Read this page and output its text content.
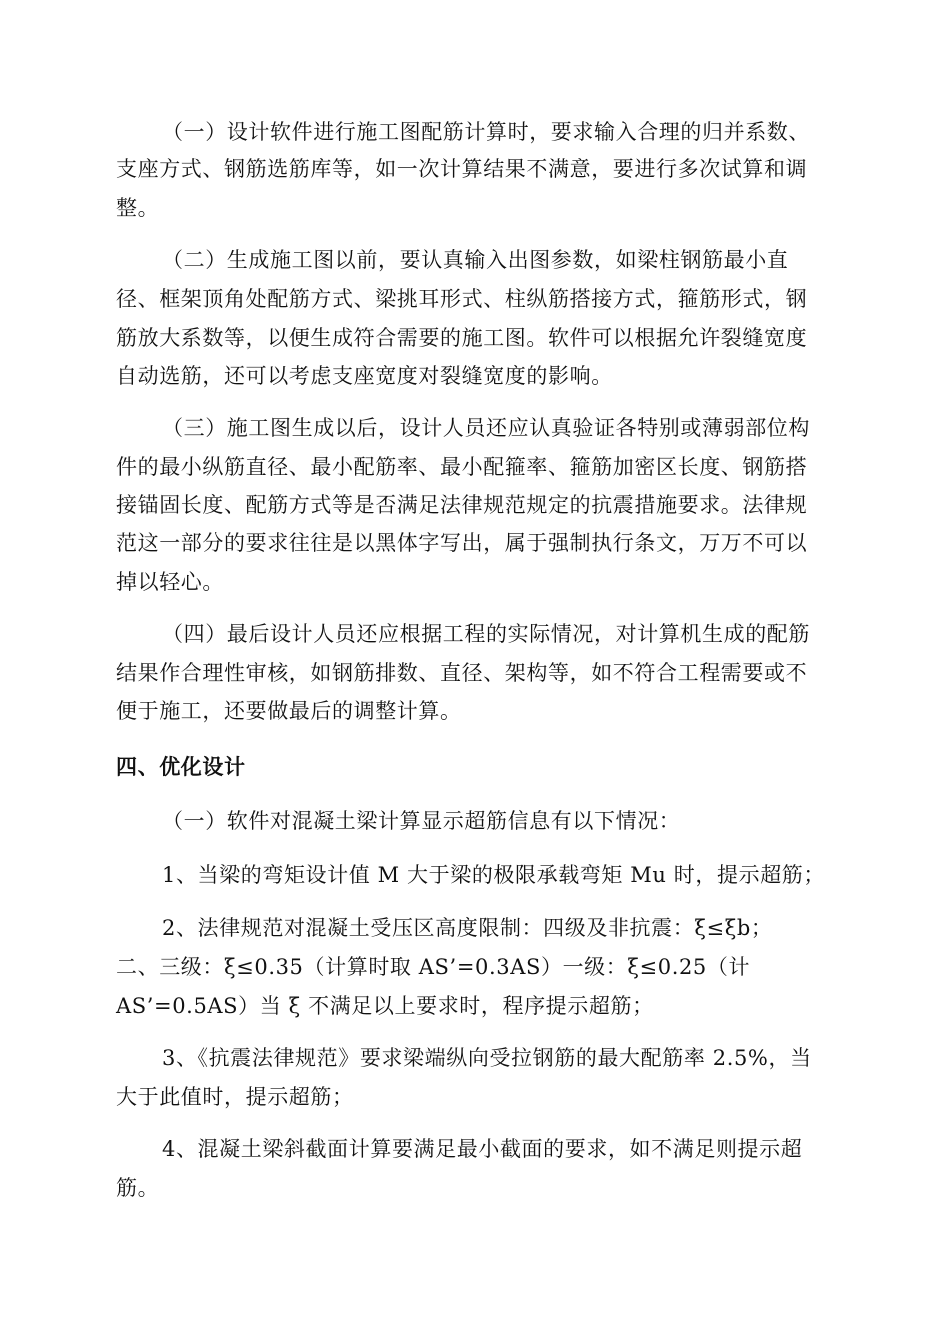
（一）设计软件进行施工图配筋计算时，要求输入合理的归并系数、
支座方式、钢筋选筋库等，如一次计算结果不满意，要进行多次试算和调
整。
（二）生成施工图以前，要认真输入出图参数，如梁柱钢筋最小直
径、框架顶角处配筋方式、梁挑耳形式、柱纵筋搭接方式，箍筋形式，钢
筋放大系数等，以便生成符合需要的施工图。软件可以根据允许裂缝宽度
自动选筋，还可以考虑支座宽度对裂缝宽度的影响。
（三）施工图生成以后，设计人员还应认真验证各特别或薄弱部位构
件的最小纵筋直径、最小配筋率、最小配箍率、箍筋加密区长度、钢筋搭
接锚固长度、配筋方式等是否满足法律规范规定的抗震措施要求。法律规
范这一部分的要求往往是以黑体字写出，属于强制执行条文，万万不可以
掉以轻心。
（四）最后设计人员还应根据工程的实际情况，对计算机生成的配筋
结果作合理性审核，如钢筋排数、直径、架构等，如不符合工程需要或不
便于施工，还要做最后的调整计算。
四、优化设计
（一）软件对混凝土梁计算显示超筋信息有以下情况：
1、当梁的弯矩设计值 M 大于梁的极限承载弯矩 Mu 时，提示超筋；
2、法律规范对混凝土受压区高度限制：四级及非抗震：ξ≤ξb；
二、三级：ξ≤0.35（计算时取 AS’=0.3AS）一级：ξ≤0.25（计
AS’=0.5AS）当 ξ 不满足以上要求时，程序提示超筋；
3、《抗震法律规范》要求梁端纵向受拉钢筋的最大配筋率 2.5%，当
大于此值时，提示超筋；
4、混凝土梁斜截面计算要满足最小截面的要求，如不满足则提示超
筋。
